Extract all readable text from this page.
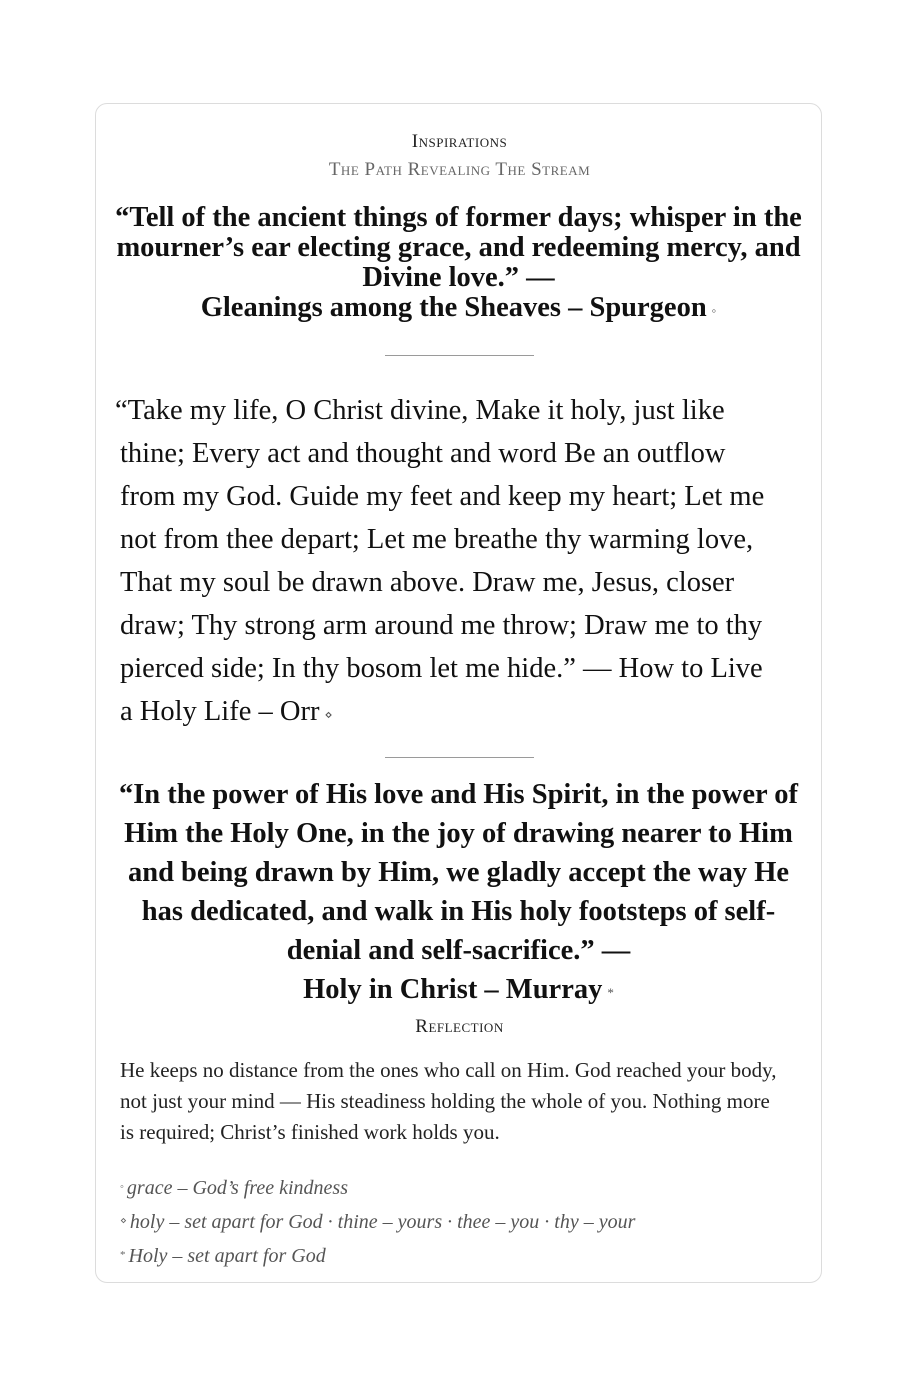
Inspirations
The Path Revealing The Stream
“Tell of the ancient things of former days; whisper in the mourner’s ear electing grace, and redeeming mercy, and Divine love.” —
Gleanings among the Sheaves – Spurgeon ◦
“Take my life, O Christ divine, Make it holy, just like thine; Every act and thought and word Be an outflow from my God. Guide my feet and keep my heart; Let me not from thee depart; Let me breathe thy warming love, That my soul be drawn above. Draw me, Jesus, closer draw; Thy strong arm around me throw; Draw me to thy pierced side; In thy bosom let me hide.” — How to Live a Holy Life – Orr ⋄
“In the power of His love and His Spirit, in the power of Him the Holy One, in the joy of drawing nearer to Him and being drawn by Him, we gladly accept the way He has dedicated, and walk in His holy footsteps of self-denial and self-sacrifice.” —
Holy in Christ – Murray *
Reflection
He keeps no distance from the ones who call on Him. God reached your body, not just your mind — His steadiness holding the whole of you. Nothing more is required; Christ’s finished work holds you.
◦ grace – God’s free kindness
⋄ holy – set apart for God · thine – yours · thee – you · thy – your
* Holy – set apart for God
